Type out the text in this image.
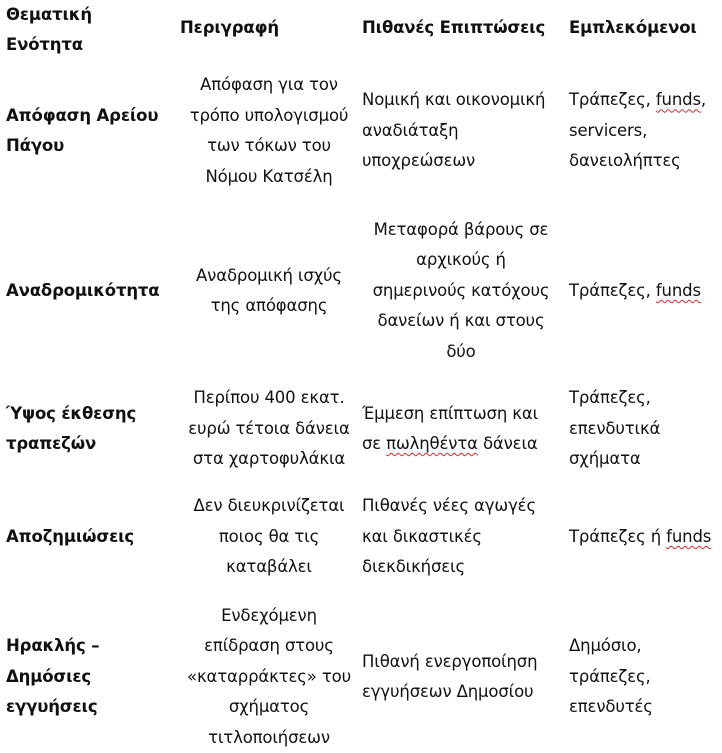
Θεματική
Ενότητα
Περιγραφή	Πιθανές Επιπτώσεις	Εμπλεκόμενοι
Απόφαση Αρείου
Πάγου
Απόφαση για τον
τρόπο υπολογισμού
των τόκων του
Νόμου Κατσέλη
Νομική και οικονομική
αναδιάταξη
υποχρεώσεων
Τράπεζες, funds,
servicers,
δανειολήπτες
Αναδρομικότητα
Αναδρομική ισχύς
της απόφασης
Μεταφορά βάρους σε
αρχικούς ή
σημερινούς κατόχους
δανείων ή και στους
δύο
Τράπεζες, funds
Ύψος έκθεσης
τραπεζών
Περίπου 400 εκατ.
ευρώ τέτοια δάνεια
στα χαρτοφυλάκια
Έμμεση επίπτωση και
σε πωληθέντα δάνεια
Τράπεζες,
επενδυτικά
σχήματα
Αποζημιώσεις
Δεν διευκρινίζεται
ποιος θα τις
καταβάλει
Πιθανές νέες αγωγές
και δικαστικές
διεκδικήσεις
Τράπεζες ή funds
Ηρακλής –
Δημόσιες
εγγυήσεις
Ενδεχόμενη
επίδραση στους
«καταρράκτες» του
σχήματος
τιτλοποιήσεων
Πιθανή ενεργοποίηση
εγγυήσεων Δημοσίου
Δημόσιο,
τράπεζες,
επενδυτές
